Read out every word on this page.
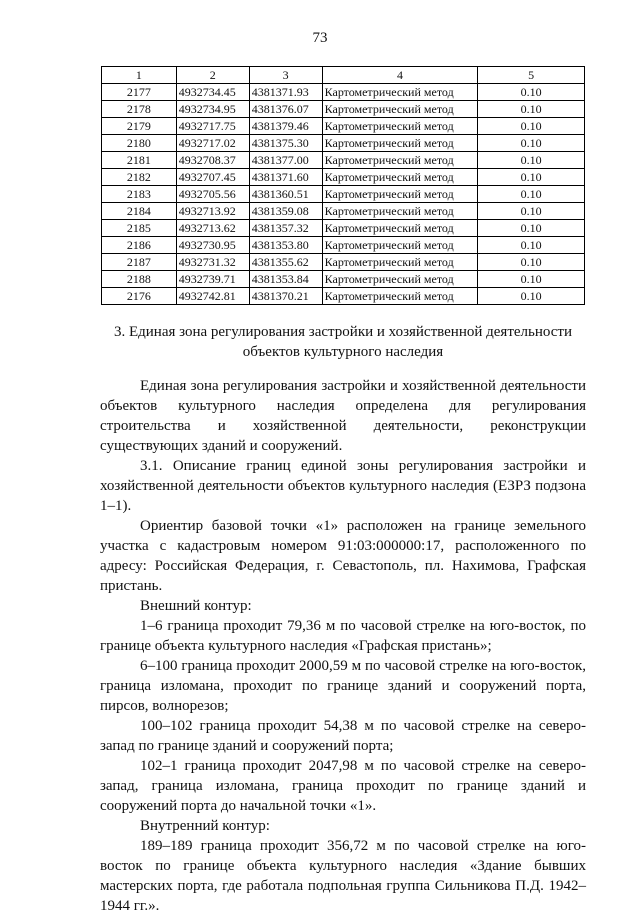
73
1	2	3	4	5
2177	4932734.45	4381371.93	Картометрический метод	0.10
2178	4932734.95	4381376.07	Картометрический метод	0.10
2179	4932717.75	4381379.46	Картометрический метод	0.10
2180	4932717.02	4381375.30	Картометрический метод	0.10
2181	4932708.37	4381377.00	Картометрический метод	0.10
2182	4932707.45	4381371.60	Картометрический метод	0.10
2183	4932705.56	4381360.51	Картометрический метод	0.10
2184	4932713.92	4381359.08	Картометрический метод	0.10
2185	4932713.62	4381357.32	Картометрический метод	0.10
2186	4932730.95	4381353.80	Картометрический метод	0.10
2187	4932731.32	4381355.62	Картометрический метод	0.10
2188	4932739.71	4381353.84	Картометрический метод	0.10
2176	4932742.81	4381370.21	Картометрический метод	0.10
3. Единая зона регулирования застройки и хозяйственной деятельности объектов культурного наследия

Единая зона регулирования застройки и хозяйственной деятельности объектов культурного наследия определена для регулирования строительства и хозяйственной деятельности, реконструкции существующих зданий и сооружений.

3.1. Описание границ единой зоны регулирования застройки и хозяйственной деятельности объектов культурного наследия (ЕЗРЗ подзона 1–1).

Ориентир базовой точки «1» расположен на границе земельного участка с кадастровым номером 91:03:000000:17, расположенного по адресу: Российская Федерация, г. Севастополь, пл. Нахимова, Графская пристань.

Внешний контур:

1–6 граница проходит 79,36 м по часовой стрелке на юго-восток, по границе объекта культурного наследия «Графская пристань»;

6–100 граница проходит 2000,59 м по часовой стрелке на юго-восток, граница изломана, проходит по границе зданий и сооружений порта, пирсов, волнорезов;

100–102 граница проходит 54,38 м по часовой стрелке на северо-запад по границе зданий и сооружений порта;

102–1 граница проходит 2047,98 м по часовой стрелке на северо-запад, граница изломана, граница проходит по границе зданий и сооружений порта до начальной точки «1».

Внутренний контур:

189–189 граница проходит 356,72 м по часовой стрелке на юго-восток по границе объекта культурного наследия «Здание бывших мастерских порта, где работала подпольная группа Сильникова П.Д. 1942–1944 гг.».
